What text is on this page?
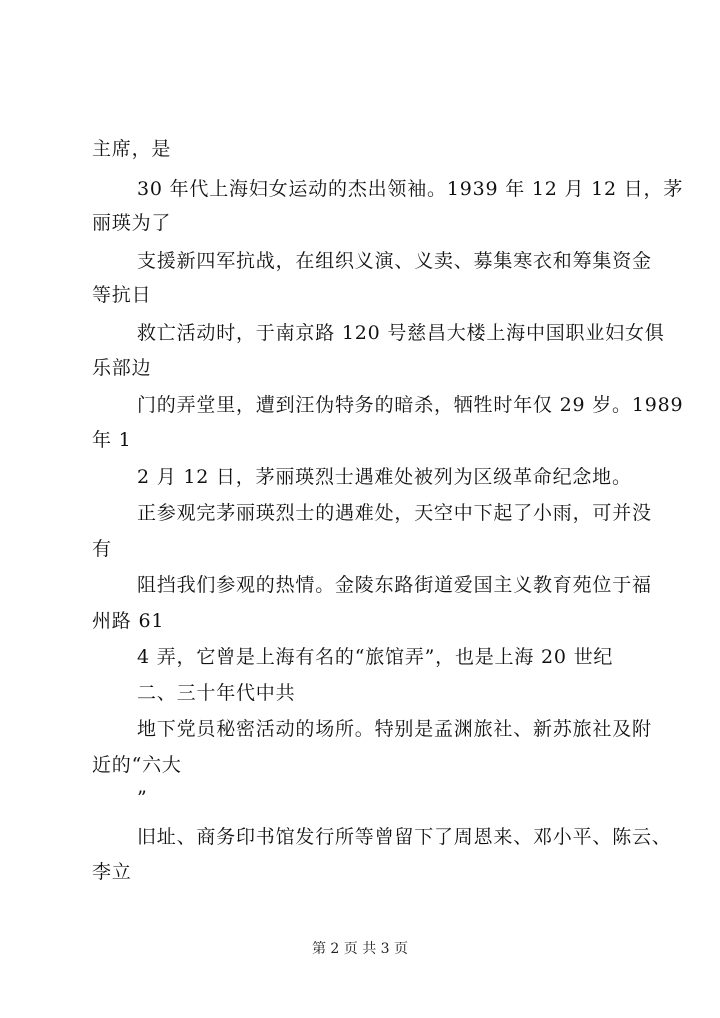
主席，是
30 年代上海妇女运动的杰出领袖。1939 年 12 月 12 日，茅
丽瑛为了
支援新四军抗战，在组织义演、义卖、募集寒衣和筹集资金
等抗日
救亡活动时，于南京路 120 号慈昌大楼上海中国职业妇女俱
乐部边
门的弄堂里，遭到汪伪特务的暗杀，牺牲时年仅 29 岁。1989
年 1
2 月 12 日，茅丽瑛烈士遇难处被列为区级革命纪念地。
正参观完茅丽瑛烈士的遇难处，天空中下起了小雨，可并没
有
阻挡我们参观的热情。金陵东路街道爱国主义教育苑位于福
州路 61
4 弄，它曾是上海有名的“旅馆弄”，也是上海 20 世纪
二、三十年代中共
地下党员秘密活动的场所。特别是孟渊旅社、新苏旅社及附
近的“六大
”
旧址、商务印书馆发行所等曾留下了周恩来、邓小平、陈云、
李立
第 2 页 共 3 页
